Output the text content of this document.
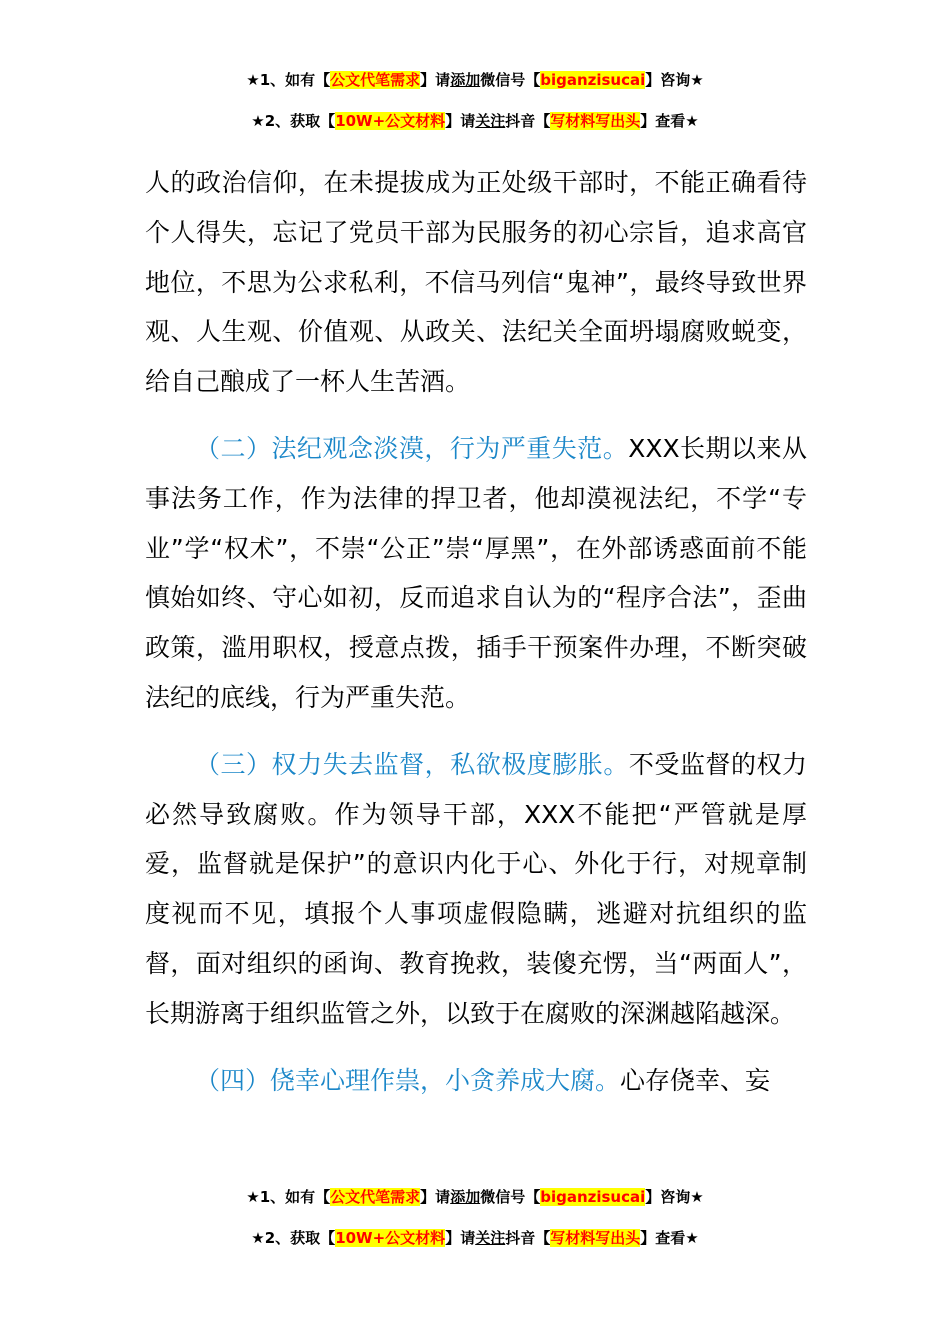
★1、如有【公文代笔需求】请添加微信号【biganzisucai】咨询★
★2、获取【10W+公文材料】请关注抖音【写材料写出头】查看★

人的政治信仰，在未提拔成为正处级干部时，不能正确看待个人得失，忘记了党员干部为民服务的初心宗旨，追求高官地位，不思为公求私利，不信马列信“鬼神”，最终导致世界观、人生观、价值观、从政关、法纪关全面坍塌腐败蜕变，给自己酿成了一杯人生苦酒。

（二）法纪观念淡漠，行为严重失范。XXX长期以来从事法务工作，作为法律的捍卫者，他却漠视法纪，不学“专业”学“权术”，不崇“公正”崇“厚黑”，在外部诱惑面前不能慎始如终、守心如初，反而追求自认为的“程序合法”，歪曲政策，滥用职权，授意点拨，插手干预案件办理，不断突破法纪的底线，行为严重失范。

（三）权力失去监督，私欲极度膨胀。不受监督的权力必然导致腐败。作为领导干部，XXX不能把“严管就是厚爱，监督就是保护”的意识内化于心、外化于行，对规章制度视而不见，填报个人事项虚假隐瞒，逃避对抗组织的监督，面对组织的函询、教育挽救，装傻充愣，当“两面人”，长期游离于组织监管之外，以致于在腐败的深渊越陷越深。

（四）侥幸心理作祟，小贪养成大腐。心存侥幸、妄

★1、如有【公文代笔需求】请添加微信号【biganzisucai】咨询★
★2、获取【10W+公文材料】请关注抖音【写材料写出头】查看★
